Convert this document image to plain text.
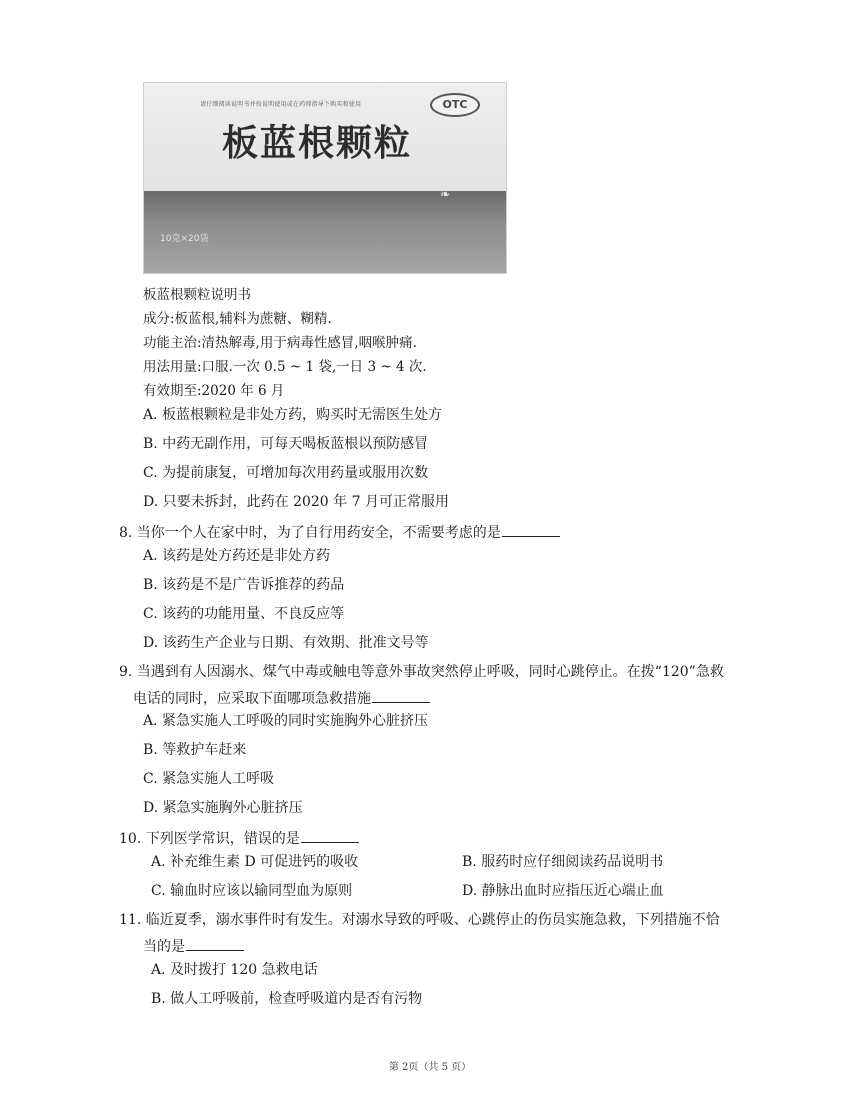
请仔细阅读说明书并按说明使用或在药师指导下购买和使用	OTC
板蓝根颗粒
10克×20袋
❧
板蓝根颗粒说明书
成分:板蓝根,辅料为蔗糖、糊精.
功能主治:清热解毒,用于病毒性感冒,咽喉肿痛.
用法用量:口服.一次 0.5 ~ 1 袋,一日 3 ~ 4 次.
有效期至:2020 年 6 月
A. 板蓝根颗粒是非处方药，购买时无需医生处方
B. 中药无副作用，可每天喝板蓝根以预防感冒
C. 为提前康复，可增加每次用药量或服用次数
D. 只要未拆封，此药在 2020 年 7 月可正常服用
8. 当你一个人在家中时，为了自行用药安全，不需要考虑的是
A. 该药是处方药还是非处方药
B. 该药是不是广告诉推荐的药品
C. 该药的功能用量、不良反应等
D. 该药生产企业与日期、有效期、批准文号等
9. 当遇到有人因溺水、煤气中毒或触电等意外事故突然停止呼吸，同时心跳停止。在拨“120”急救
电话的同时，应采取下面哪项急救措施
A. 紧急实施人工呼吸的同时实施胸外心脏挤压
B. 等救护车赶来
C. 紧急实施人工呼吸
D. 紧急实施胸外心脏挤压
10. 下列医学常识，错误的是
A. 补充维生素 D 可促进钙的吸收	B. 服药时应仔细阅读药品说明书
C. 输血时应该以输同型血为原则	D. 静脉出血时应指压近心端止血
11. 临近夏季，溺水事件时有发生。对溺水导致的呼吸、心跳停止的伤员实施急救，下列措施不恰
当的是
A. 及时拨打 120 急救电话
B. 做人工呼吸前，检查呼吸道内是否有污物
第 2页（共 5 页）
